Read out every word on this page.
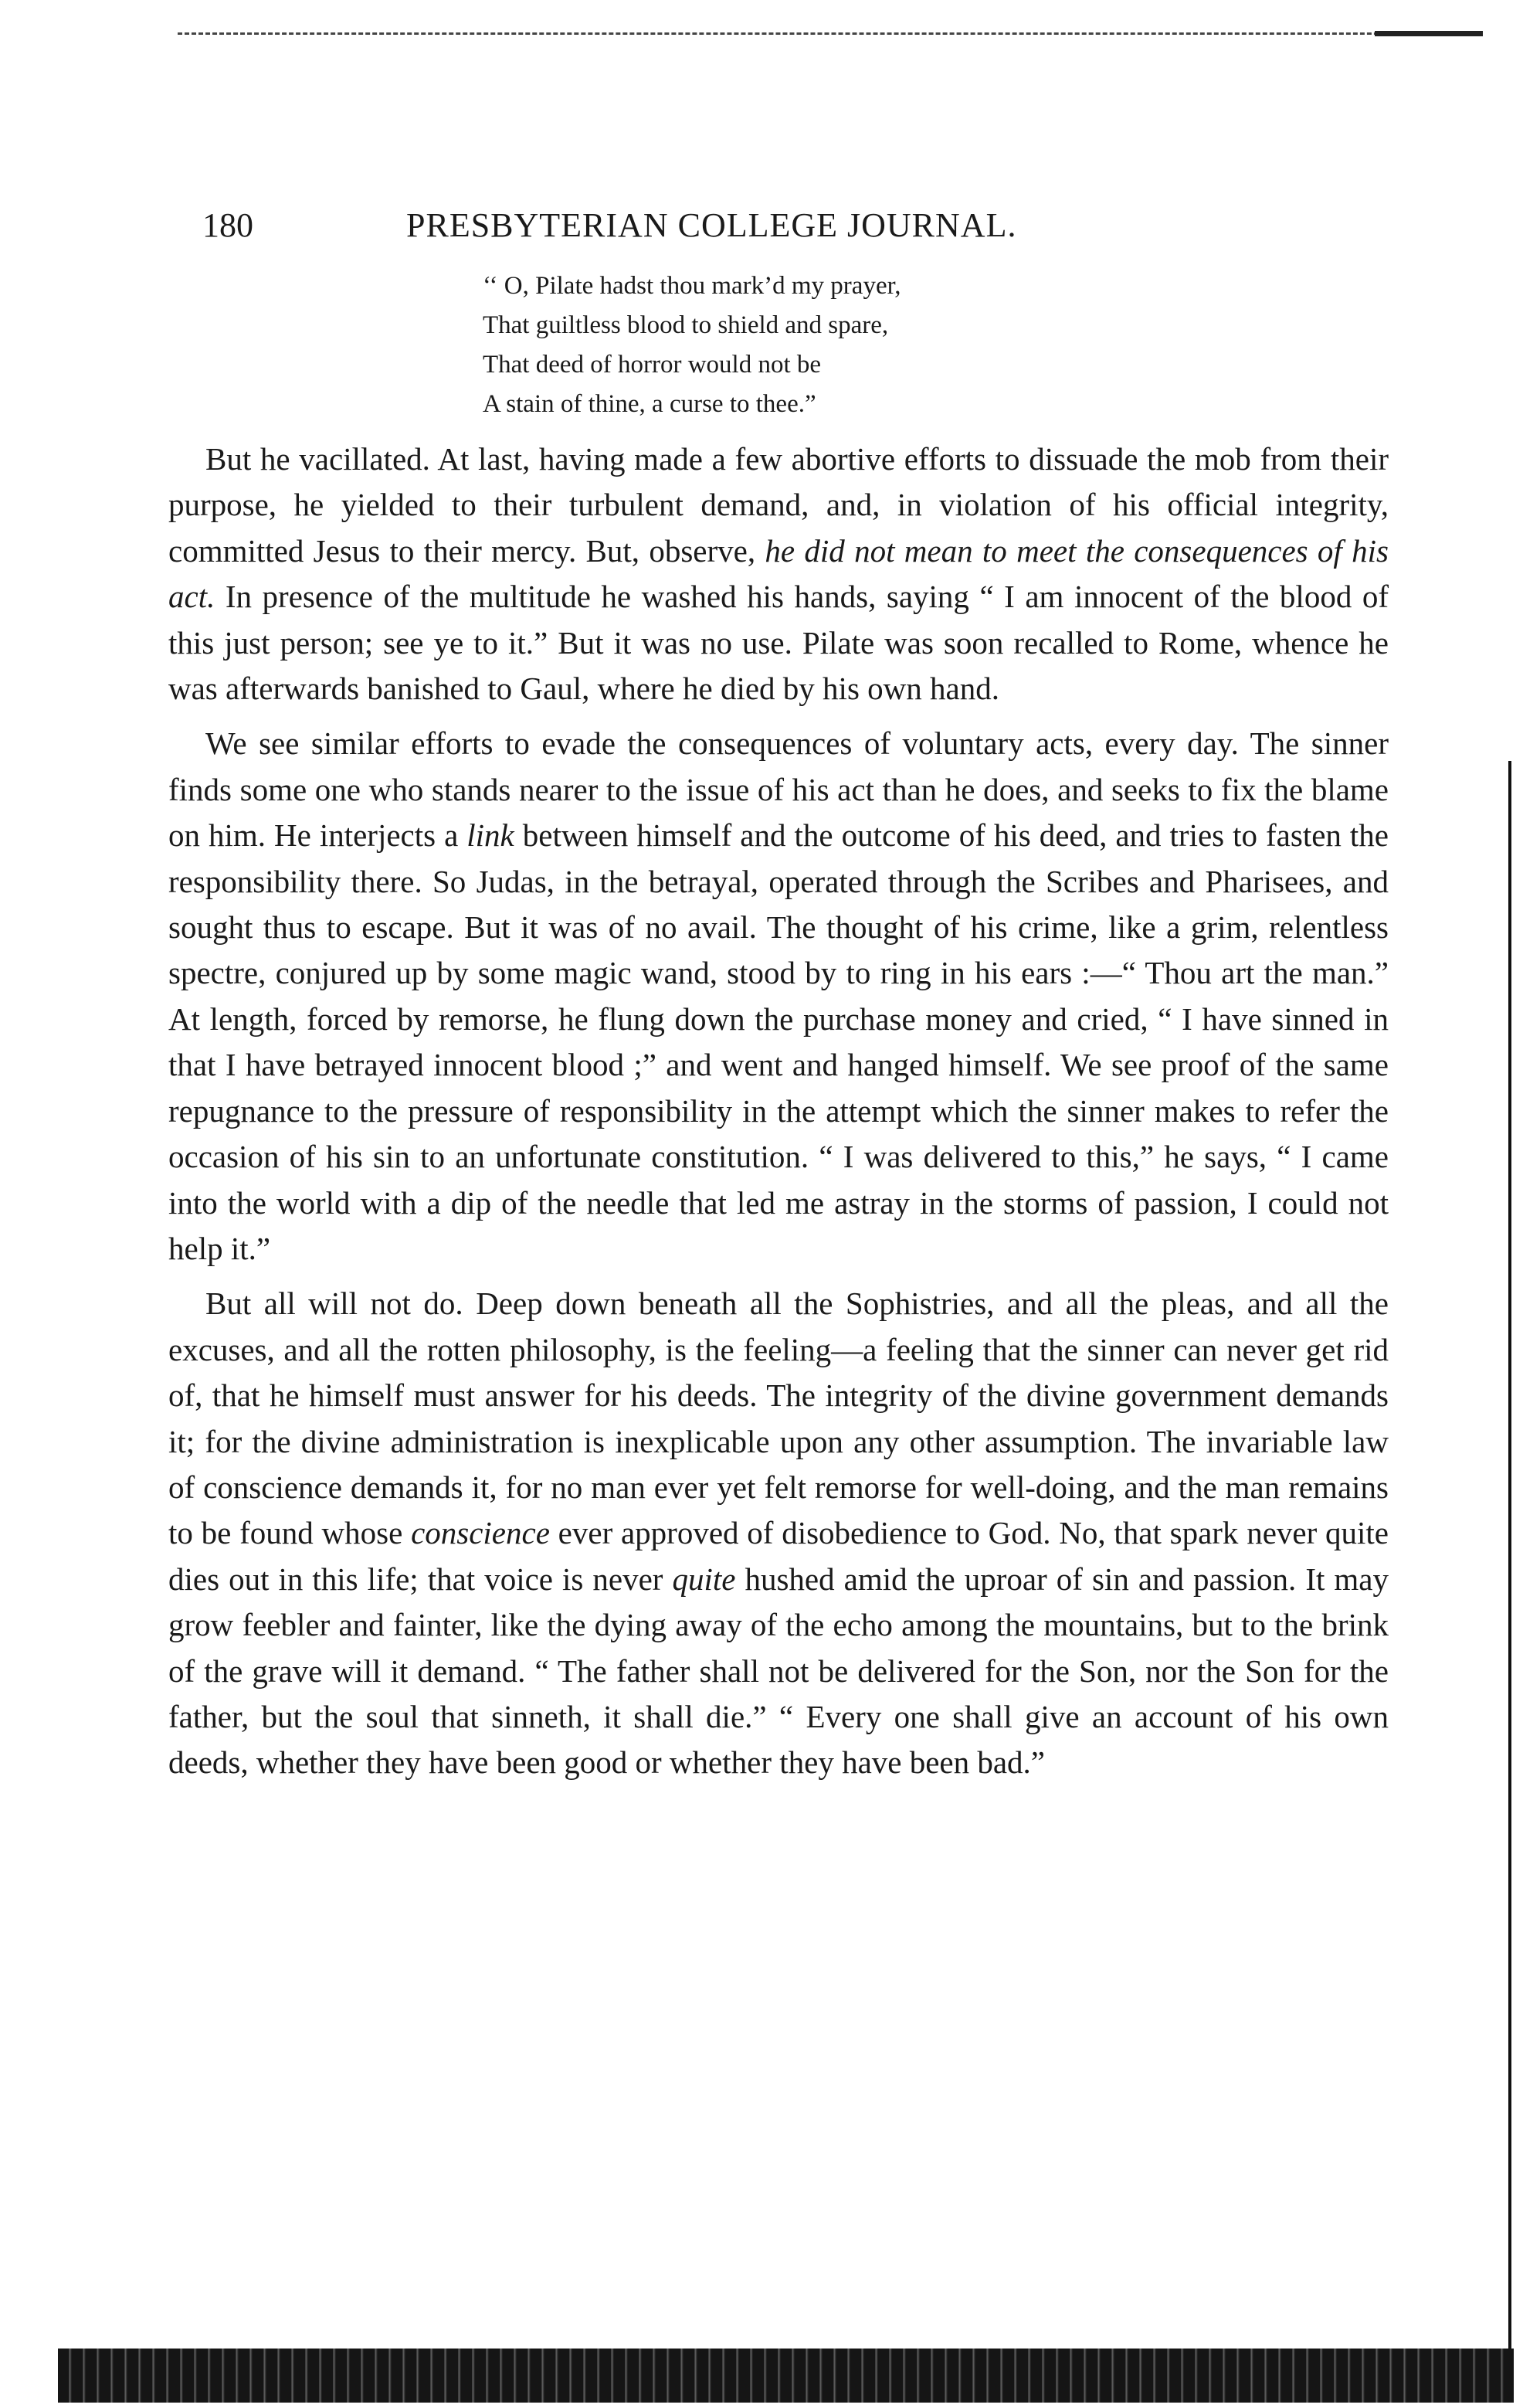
180	PRESBYTERIAN COLLEGE JOURNAL.
‘‘ O, Pilate hadst thou mark’d my prayer,
That guiltless blood to shield and spare,
That deed of horror would not be
A stain of thine, a curse to thee.”

But he vacillated. At last, having made a few abortive efforts to dissuade the mob from their purpose, he yielded to their turbulent demand, and, in violation of his official integrity, committed Jesus to their mercy. But, observe, he did not mean to meet the consequences of his act. In presence of the multitude he washed his hands, saying “ I am innocent of the blood of this just person; see ye to it.” But it was no use. Pilate was soon recalled to Rome, whence he was afterwards banished to Gaul, where he died by his own hand.

We see similar efforts to evade the consequences of voluntary acts, every day. The sinner finds some one who stands nearer to the issue of his act than he does, and seeks to fix the blame on him. He interjects a link between himself and the outcome of his deed, and tries to fasten the responsibility there. So Judas, in the betrayal, operated through the Scribes and Pharisees, and sought thus to escape. But it was of no avail. The thought of his crime, like a grim, relentless spectre, conjured up by some magic wand, stood by to ring in his ears :—“ Thou art the man.” At length, forced by remorse, he flung down the purchase money and cried, “ I have sinned in that I have betrayed innocent blood ;” and went and hanged himself. We see proof of the same repugnance to the pressure of responsibility in the attempt which the sinner makes to refer the occasion of his sin to an unfortunate constitution. “ I was delivered to this,” he says, “ I came into the world with a dip of the needle that led me astray in the storms of passion, I could not help it.”

But all will not do. Deep down beneath all the Sophistries, and all the pleas, and all the excuses, and all the rotten philosophy, is the feeling—a feeling that the sinner can never get rid of, that he himself must answer for his deeds. The integrity of the divine government demands it; for the divine administration is inexplicable upon any other assumption. The invariable law of conscience demands it, for no man ever yet felt remorse for well-doing, and the man remains to be found whose conscience ever approved of disobedience to God. No, that spark never quite dies out in this life; that voice is never quite hushed amid the uproar of sin and passion. It may grow feebler and fainter, like the dying away of the echo among the mountains, but to the brink of the grave will it demand. “ The father shall not be delivered for the Son, nor the Son for the father, but the soul that sinneth, it shall die.” “ Every one shall give an account of his own deeds, whether they have been good or whether they have been bad.”
